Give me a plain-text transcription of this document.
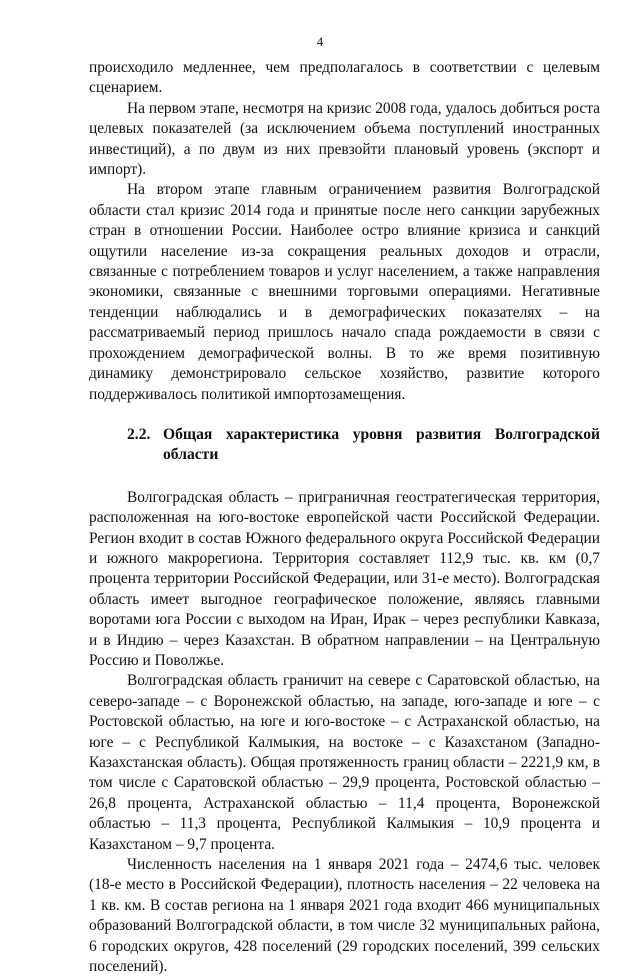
4

происходило медленнее, чем предполагалось в соответствии с целевым сценарием.

На первом этапе, несмотря на кризис 2008 года, удалось добиться роста целевых показателей (за исключением объема поступлений иностранных инвестиций), а по двум из них превзойти плановый уровень (экспорт и импорт).

На втором этапе главным ограничением развития Волгоградской области стал кризис 2014 года и принятые после него санкции зарубежных стран в отношении России. Наиболее остро влияние кризиса и санкций ощутили население из-за сокращения реальных доходов и отрасли, связанные с потреблением товаров и услуг населением, а также направления экономики, связанные с внешними торговыми операциями. Негативные тенденции наблюдались и в демографических показателях – на рассматриваемый период пришлось начало спада рождаемости в связи с прохождением демографической волны. В то же время позитивную динамику демонстрировало сельское хозяйство, развитие которого поддерживалось политикой импортозамещения.

2.2. Общая характеристика уровня развития Волгоградской области

Волгоградская область – приграничная геостратегическая территория, расположенная на юго-востоке европейской части Российской Федерации. Регион входит в состав Южного федерального округа Российской Федерации и южного макрорегиона. Территория составляет 112,9 тыс. кв. км (0,7 процента территории Российской Федерации, или 31-е место). Волгоградская область имеет выгодное географическое положение, являясь главными воротами юга России с выходом на Иран, Ирак – через республики Кавказа, и в Индию – через Казахстан. В обратном направлении – на Центральную Россию и Поволжье.

Волгоградская область граничит на севере с Саратовской областью, на северо-западе – с Воронежской областью, на западе, юго-западе и юге – с Ростовской областью, на юге и юго-востоке – с Астраханской областью, на юге – с Республикой Калмыкия, на востоке – с Казахстаном (Западно-Казахстанская область). Общая протяженность границ области – 2221,9 км, в том числе с Саратовской областью – 29,9 процента, Ростовской областью – 26,8 процента, Астраханской областью – 11,4 процента, Воронежской областью – 11,3 процента, Республикой Калмыкия – 10,9 процента и Казахстаном – 9,7 процента.

Численность населения на 1 января 2021 года – 2474,6 тыс. человек (18-е место в Российской Федерации), плотность населения – 22 человека на 1 кв. км. В состав региона на 1 января 2021 года входит 466 муниципальных образований Волгоградской области, в том числе 32 муниципальных района, 6 городских округов, 428 поселений (29 городских поселений, 399 сельских поселений).
